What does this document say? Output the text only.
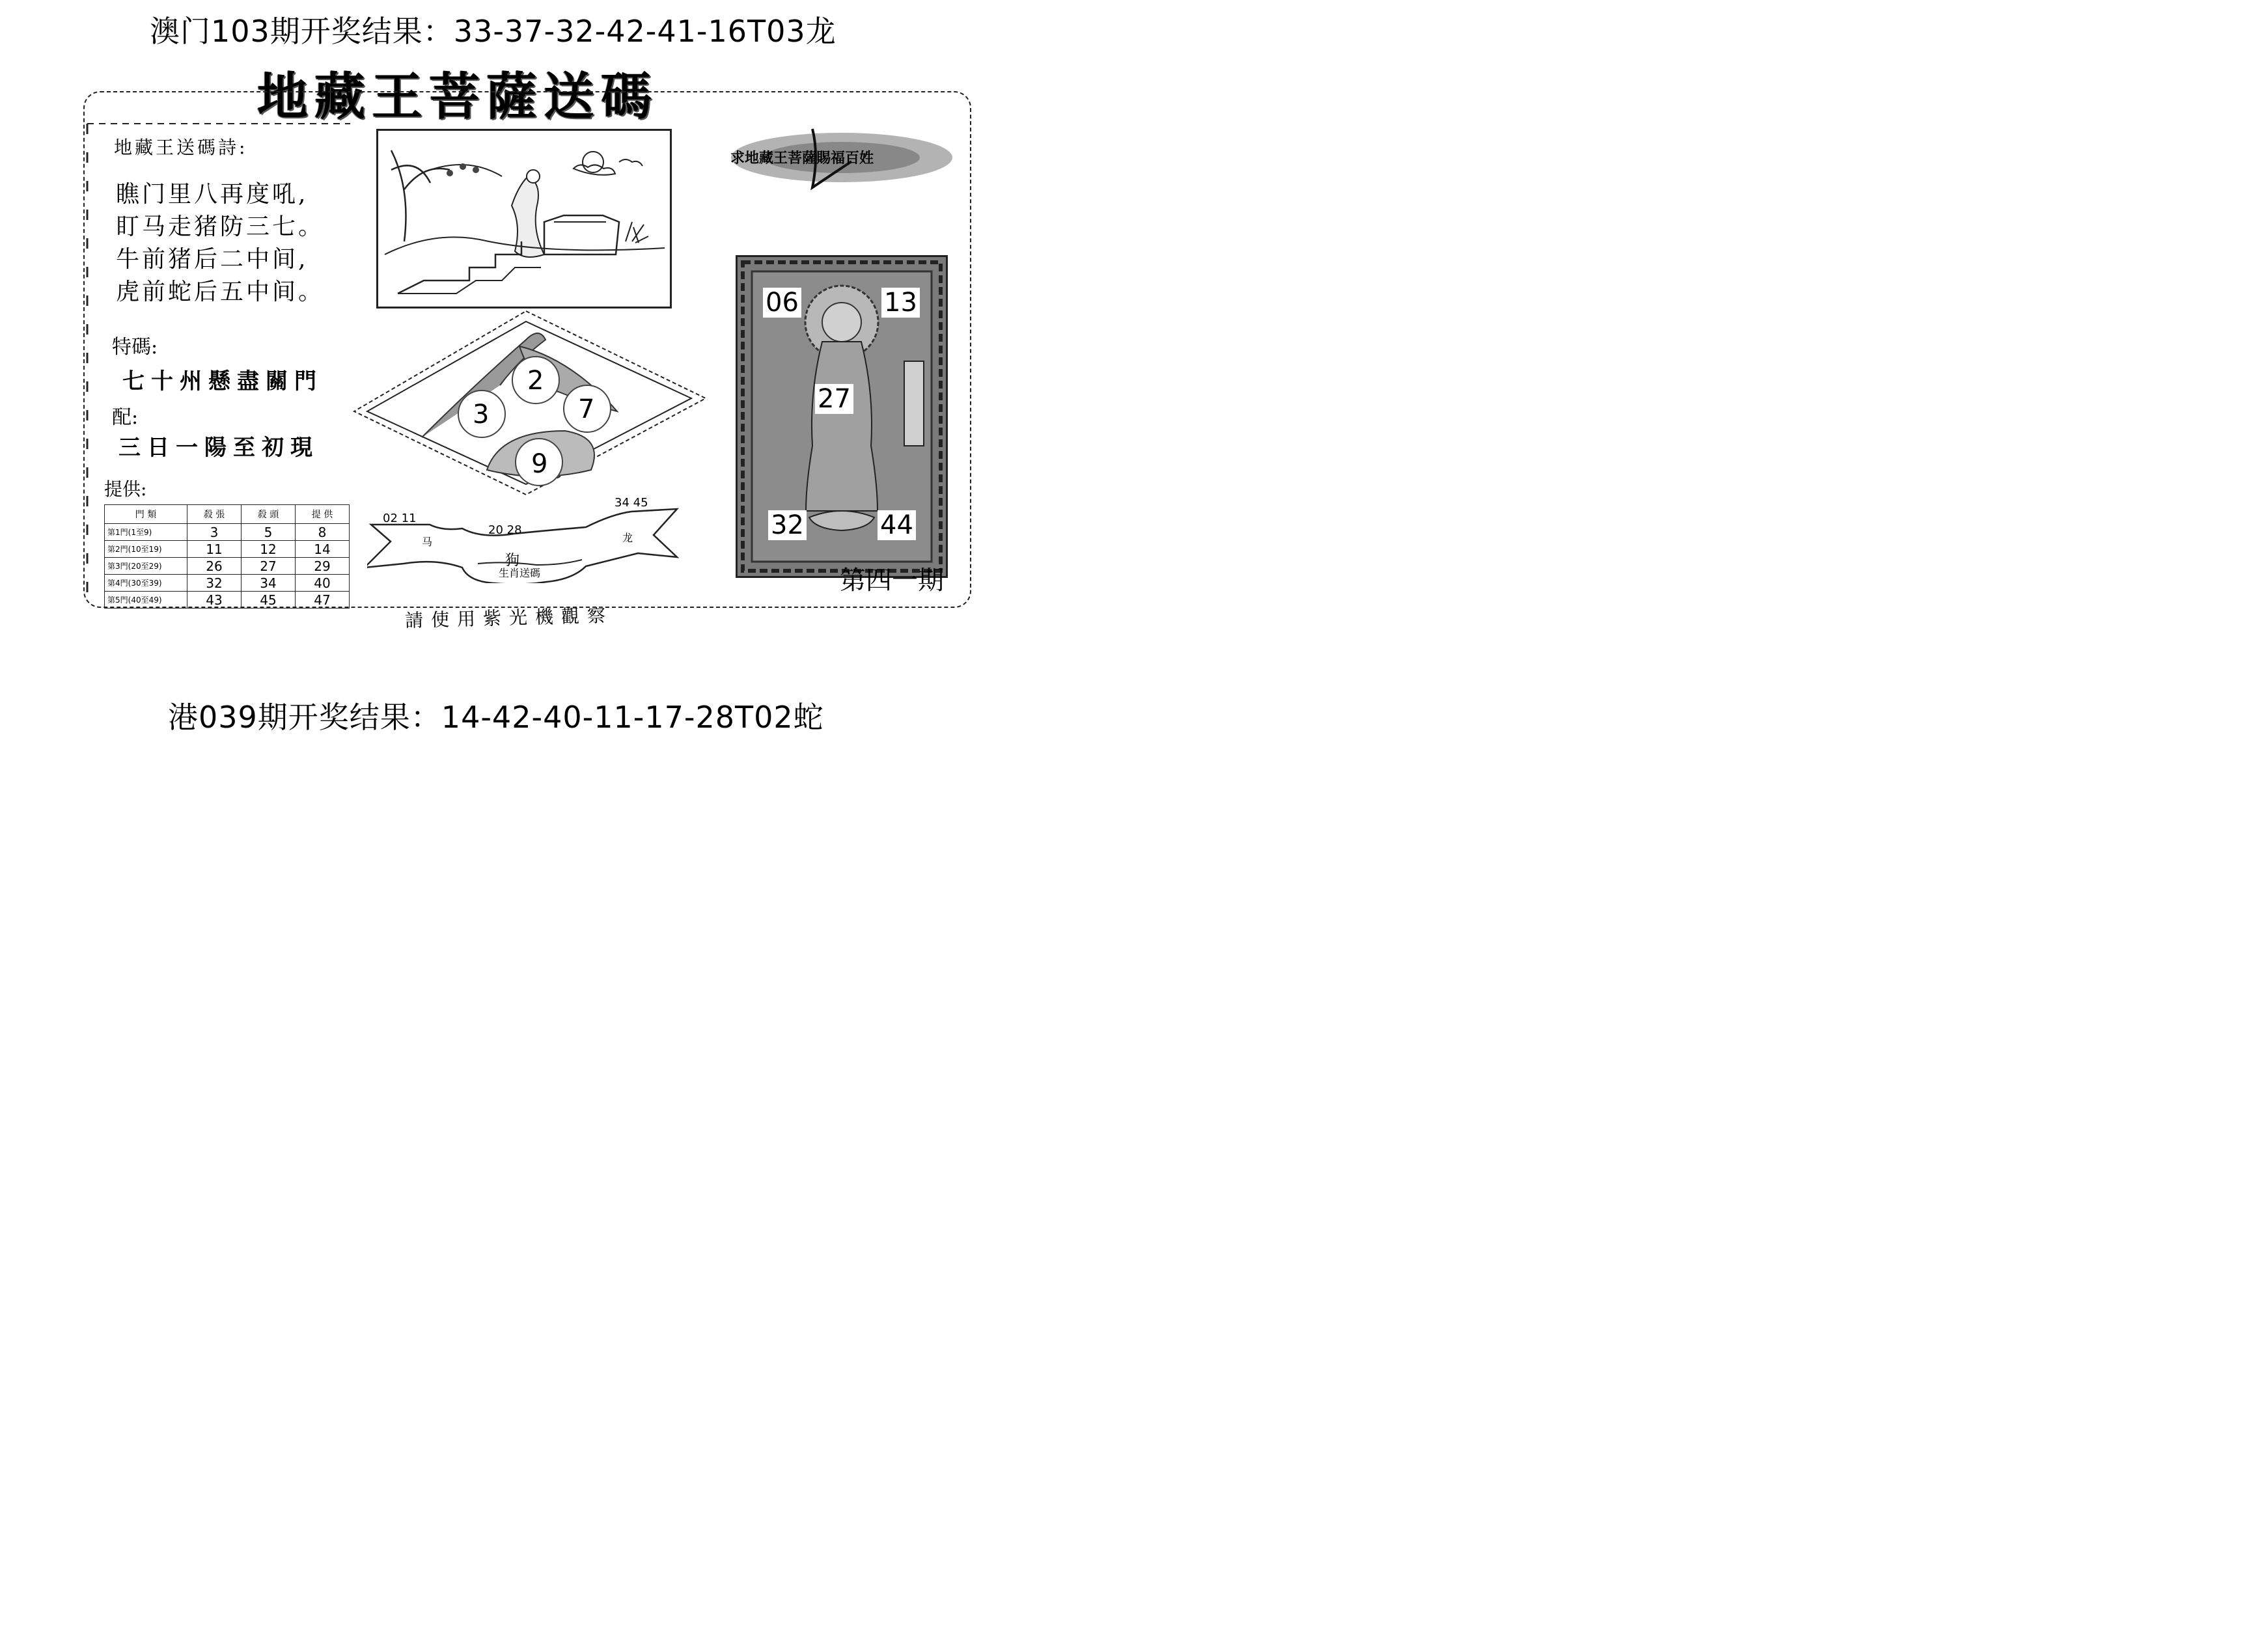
澳门103期开奖结果：33-37-32-42-41-16T03龙
港039期开奖结果：14-42-40-11-17-28T02蛇
地藏王菩薩送碼
地藏王送碼詩:
瞧门里八再度吼,
盯马走猪防三七。
牛前猪后二中间,
虎前蛇后五中间。
特碼:
七十州懸盡關門
配:
三日一陽至初現
提供:
門 類	殺 張	殺 頭	提 供
第1門(1至9)	3	5	8
第2門(10至19)	11	12	14
第3門(20至29)	26	27	29
第4門(30至39)	32	34	40
第5門(40至49)	43	45	47
2
3	7
9
02 11
20 28
34 45
马	龙
狗
生肖送碼
求地藏王菩薩賜福百姓
06	13
27
32	44
第四一期
請使用紫光機觀察
